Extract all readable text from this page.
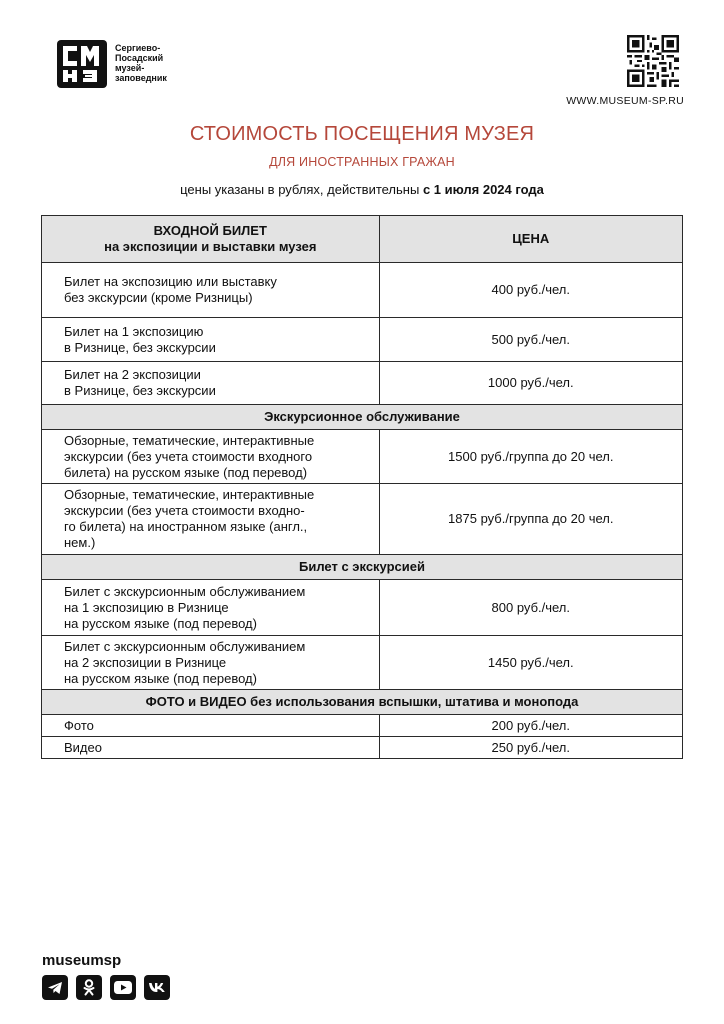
Сергиево-
Посадский
музей-
заповедник
WWW.MUSEUM-SP.RU
СТОИМОСТЬ ПОСЕЩЕНИЯ МУЗЕЯ
ДЛЯ ИНОСТРАННЫХ ГРАЖАН
цены указаны в рублях, действительны с 1 июля 2024 года
ВХОДНОЙ БИЛЕТ
на экспозиции и выставки музея	ЦЕНА

Билет на экспозицию или выставку
без экскурсии (кроме Ризницы)	400 руб./чел.

Билет на 1 экспозицию
в Ризнице, без экскурсии	500 руб./чел.

Билет на 2 экспозиции
в Ризнице, без экскурсии	1000 руб./чел.
Экскурсионное обслуживание	

Обзорные, тематические, интерактивные
экскурсии (без учета стоимости входного
билета) на русском языке (под перевод)	1500 руб./группа до 20 чел.

Обзорные, тематические, интерактивные
экскурсии (без учета стоимости входно-
го билета) на иностранном языке (англ.,
нем.)	1875 руб./группа до 20 чел.
Билет с экскурсией	

Билет с экскурсионным обслуживанием
на 1 экспозицию в Ризнице
на русском языке (под перевод)	800 руб./чел.

Билет с экскурсионным обслуживанием
на 2 экспозиции в Ризнице
на русском языке (под перевод)	1450 руб./чел.
ФОТО и ВИДЕО без использования вспышки, штатива и монопода	

Фото	200 руб./чел.

Видео	250 руб./чел.
museumsp
